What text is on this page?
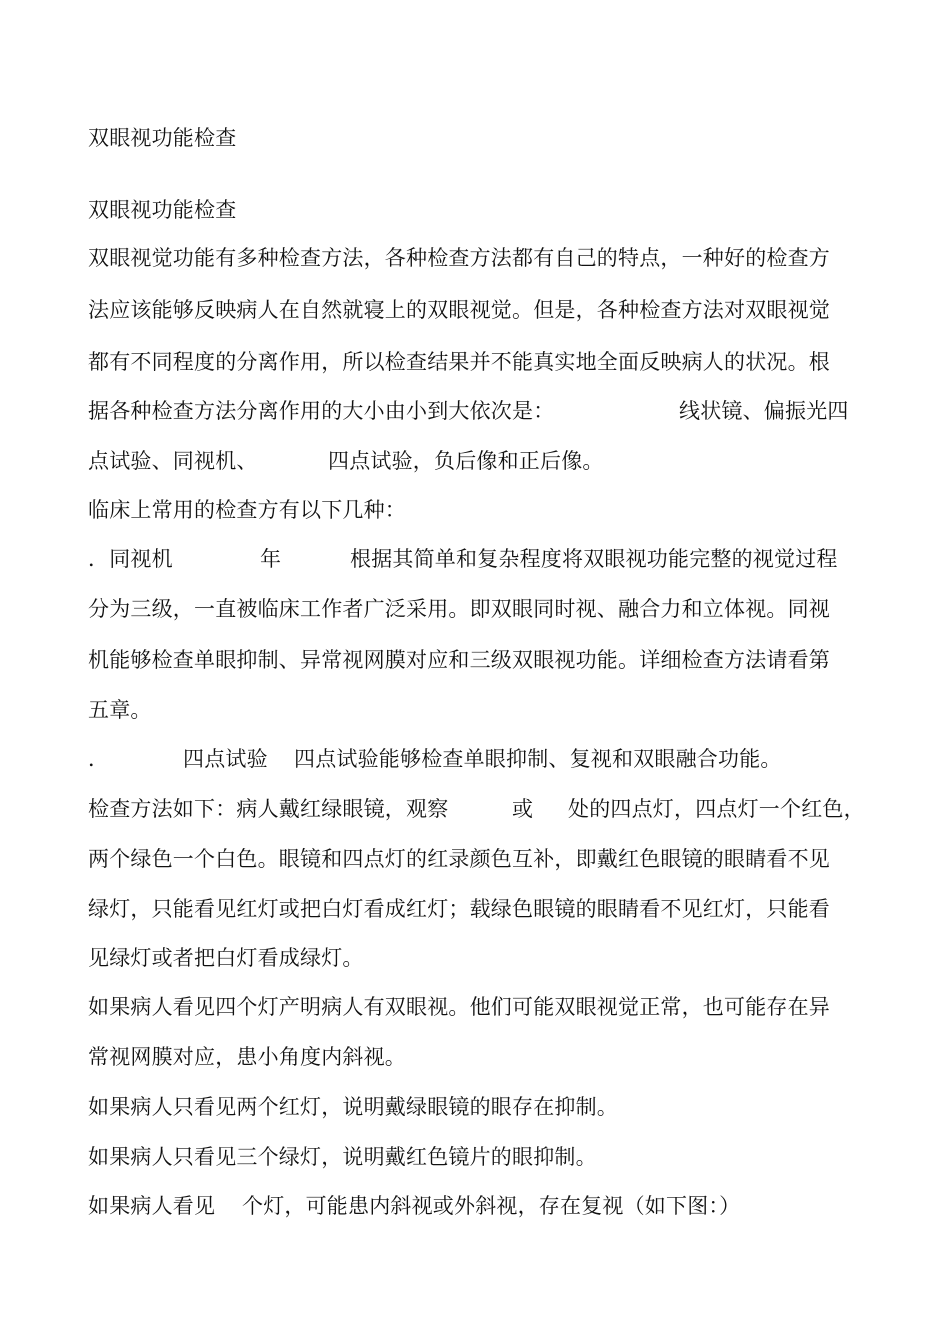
双眼视功能检查
双眼视功能检查
双眼视觉功能有多种检查方法，各种检查方法都有自己的特点，一种好的检查方
法应该能够反映病人在自然就寝上的双眼视觉。但是，各种检查方法对双眼视觉
都有不同程度的分离作用，所以检查结果并不能真实地全面反映病人的状况。根
据各种检查方法分离作用的大小由小到大依次是：	线状镜、偏振光四
点试验、同视机、	四点试验，负后像和正后像。
临床上常用的检查方有以下几种：
．同视机	年	根据其简单和复杂程度将双眼视功能完整的视觉过程
分为三级，一直被临床工作者广泛采用。即双眼同时视、融合力和立体视。同视
机能够检查单眼抑制、异常视网膜对应和三级双眼视功能。详细检查方法请看第
五章。
．	四点试验 四点试验能够检查单眼抑制、复视和双眼融合功能。
检查方法如下：病人戴红绿眼镜，观察	或 处的四点灯，四点灯一个红色，
两个绿色一个白色。眼镜和四点灯的红录颜色互补，即戴红色眼镜的眼睛看不见
绿灯，只能看见红灯或把白灯看成红灯；载绿色眼镜的眼睛看不见红灯，只能看
见绿灯或者把白灯看成绿灯。
如果病人看见四个灯产明病人有双眼视。他们可能双眼视觉正常，也可能存在异
常视网膜对应，患小角度内斜视。
如果病人只看见两个红灯，说明戴绿眼镜的眼存在抑制。
如果病人只看见三个绿灯，说明戴红色镜片的眼抑制。
如果病人看见 个灯，可能患内斜视或外斜视，存在复视（如下图：）
